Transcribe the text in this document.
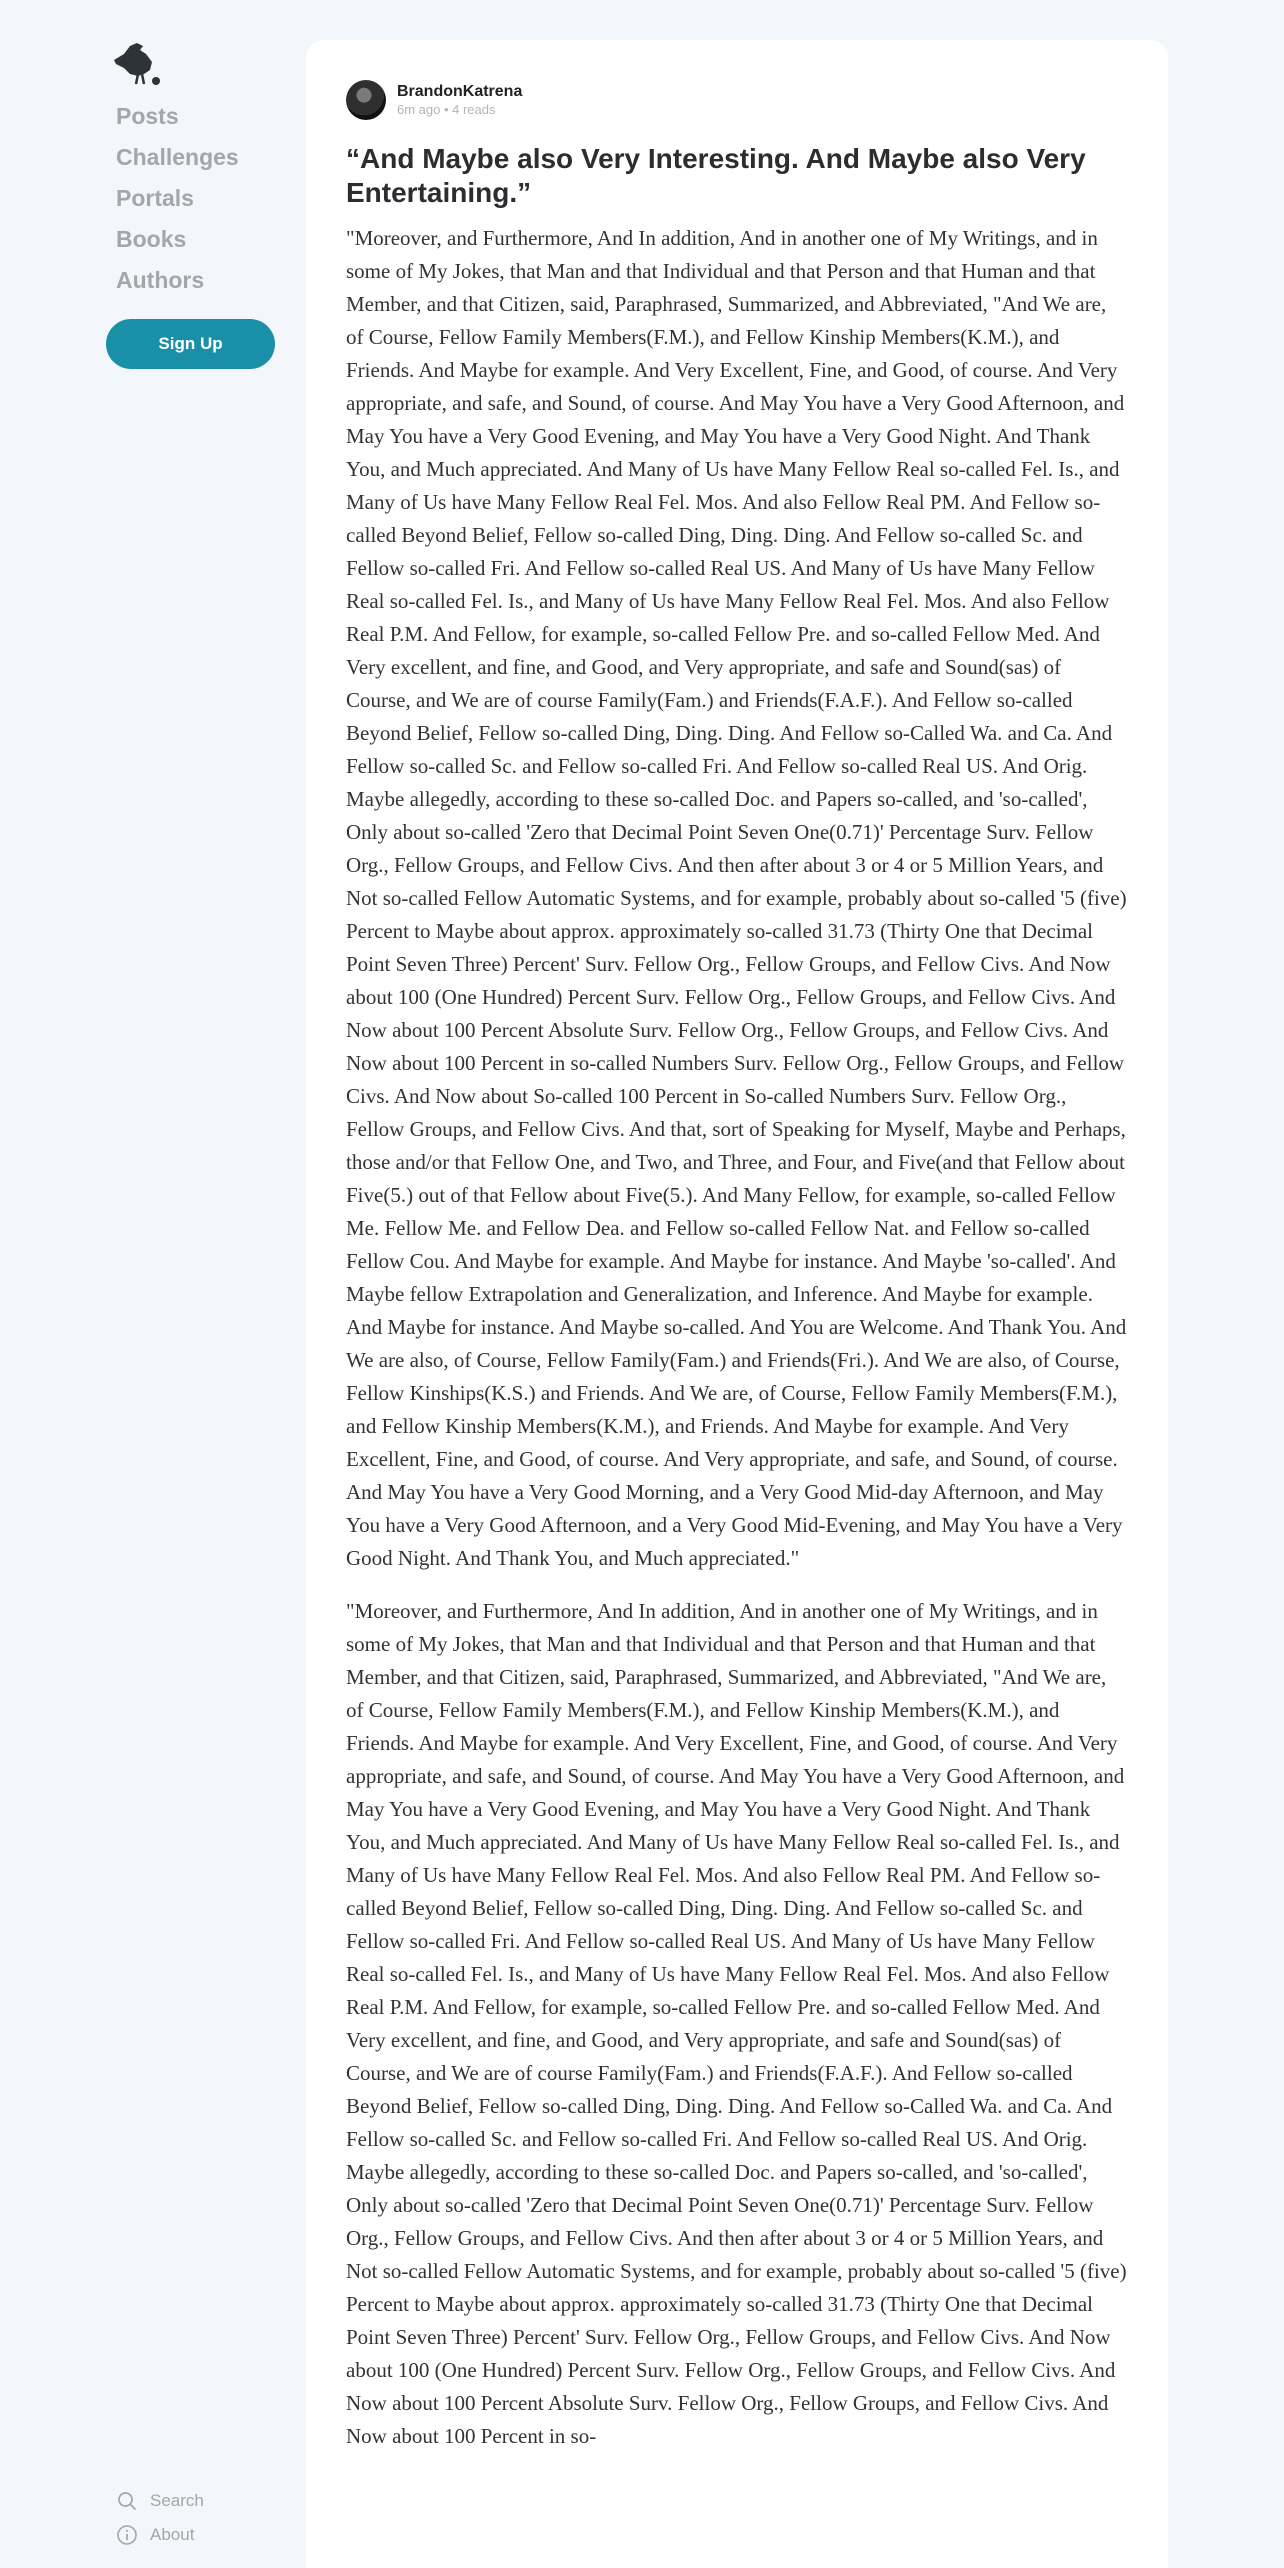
Posts
Challenges
Portals
Books
Authors
Sign Up
Search
About
BrandonKatrena
6m ago • 4 reads
“And Maybe also Very Interesting. And Maybe also Very Entertaining.”

"Moreover, and Furthermore, And In addition, And in another one of My Writings, and in some of My Jokes, that Man and that Individual and that Person and that Human and that Member, and that Citizen, said, Paraphrased, Summarized, and Abbreviated, "And We are, of Course, Fellow Family Members(F.M.), and Fellow Kinship Members(K.M.), and Friends. And Maybe for example. And Very Excellent, Fine, and Good, of course. And Very appropriate, and safe, and Sound, of course. And May You have a Very Good Afternoon, and May You have a Very Good Evening, and May You have a Very Good Night. And Thank You, and Much appreciated. And Many of Us have Many Fellow Real so-called Fel. Is., and Many of Us have Many Fellow Real Fel. Mos. And also Fellow Real PM. And Fellow so-called Beyond Belief, Fellow so-called Ding, Ding. Ding. And Fellow so-called Sc. and Fellow so-called Fri. And Fellow so-called Real US. And Many of Us have Many Fellow Real so-called Fel. Is., and Many of Us have Many Fellow Real Fel. Mos. And also Fellow Real P.M. And Fellow, for example, so-called Fellow Pre. and so-called Fellow Med. And Very excellent, and fine, and Good, and Very appropriate, and safe and Sound(sas) of Course, and We are of course Family(Fam.) and Friends(F.A.F.). And Fellow so-called Beyond Belief, Fellow so-called Ding, Ding. Ding. And Fellow so-Called Wa. and Ca. And Fellow so-called Sc. and Fellow so-called Fri. And Fellow so-called Real US. And Orig. Maybe allegedly, according to these so-called Doc. and Papers so-called, and 'so-called', Only about so-called 'Zero that Decimal Point Seven One(0.71)' Percentage Surv. Fellow Org., Fellow Groups, and Fellow Civs. And then after about 3 or 4 or 5 Million Years, and Not so-called Fellow Automatic Systems, and for example, probably about so-called '5 (five) Percent to Maybe about approx. approximately so-called 31.73 (Thirty One that Decimal Point Seven Three) Percent' Surv. Fellow Org., Fellow Groups, and Fellow Civs. And Now about 100 (One Hundred) Percent Surv. Fellow Org., Fellow Groups, and Fellow Civs. And Now about 100 Percent Absolute Surv. Fellow Org., Fellow Groups, and Fellow Civs. And Now about 100 Percent in so-called Numbers Surv. Fellow Org., Fellow Groups, and Fellow Civs. And Now about So-called 100 Percent in So-called Numbers Surv. Fellow Org., Fellow Groups, and Fellow Civs. And that, sort of Speaking for Myself, Maybe and Perhaps, those and/or that Fellow One, and Two, and Three, and Four, and Five(and that Fellow about Five(5.) out of that Fellow about Five(5.). And Many Fellow, for example, so-called Fellow Me. Fellow Me. and Fellow Dea. and Fellow so-called Fellow Nat. and Fellow so-called Fellow Cou. And Maybe for example. And Maybe for instance. And Maybe 'so-called'. And Maybe fellow Extrapolation and Generalization, and Inference. And Maybe for example. And Maybe for instance. And Maybe so-called. And You are Welcome. And Thank You. And We are also, of Course, Fellow Family(Fam.) and Friends(Fri.). And We are also, of Course, Fellow Kinships(K.S.) and Friends. And We are, of Course, Fellow Family Members(F.M.), and Fellow Kinship Members(K.M.), and Friends. And Maybe for example. And Very Excellent, Fine, and Good, of course. And Very appropriate, and safe, and Sound, of course. And May You have a Very Good Morning, and a Very Good Mid-day Afternoon, and May You have a Very Good Afternoon, and a Very Good Mid-Evening, and May You have a Very Good Night. And Thank You, and Much appreciated."

"Moreover, and Furthermore, And In addition, And in another one of My Writings, and in some of My Jokes, that Man and that Individual and that Person and that Human and that Member, and that Citizen, said, Paraphrased, Summarized, and Abbreviated, "And We are, of Course, Fellow Family Members(F.M.), and Fellow Kinship Members(K.M.), and Friends. And Maybe for example. And Very Excellent, Fine, and Good, of course. And Very appropriate, and safe, and Sound, of course. And May You have a Very Good Afternoon, and May You have a Very Good Evening, and May You have a Very Good Night. And Thank You, and Much appreciated. And Many of Us have Many Fellow Real so-called Fel. Is., and Many of Us have Many Fellow Real Fel. Mos. And also Fellow Real PM. And Fellow so-called Beyond Belief, Fellow so-called Ding, Ding. Ding. And Fellow so-called Sc. and Fellow so-called Fri. And Fellow so-called Real US. And Many of Us have Many Fellow Real so-called Fel. Is., and Many of Us have Many Fellow Real Fel. Mos. And also Fellow Real P.M. And Fellow, for example, so-called Fellow Pre. and so-called Fellow Med. And Very excellent, and fine, and Good, and Very appropriate, and safe and Sound(sas) of Course, and We are of course Family(Fam.) and Friends(F.A.F.). And Fellow so-called Beyond Belief, Fellow so-called Ding, Ding. Ding. And Fellow so-Called Wa. and Ca. And Fellow so-called Sc. and Fellow so-called Fri. And Fellow so-called Real US. And Orig. Maybe allegedly, according to these so-called Doc. and Papers so-called, and 'so-called', Only about so-called 'Zero that Decimal Point Seven One(0.71)' Percentage Surv. Fellow Org., Fellow Groups, and Fellow Civs. And then after about 3 or 4 or 5 Million Years, and Not so-called Fellow Automatic Systems, and for example, probably about so-called '5 (five) Percent to Maybe about approx. approximately so-called 31.73 (Thirty One that Decimal Point Seven Three) Percent' Surv. Fellow Org., Fellow Groups, and Fellow Civs. And Now about 100 (One Hundred) Percent Surv. Fellow Org., Fellow Groups, and Fellow Civs. And Now about 100 Percent Absolute Surv. Fellow Org., Fellow Groups, and Fellow Civs. And Now about 100 Percent in so-
